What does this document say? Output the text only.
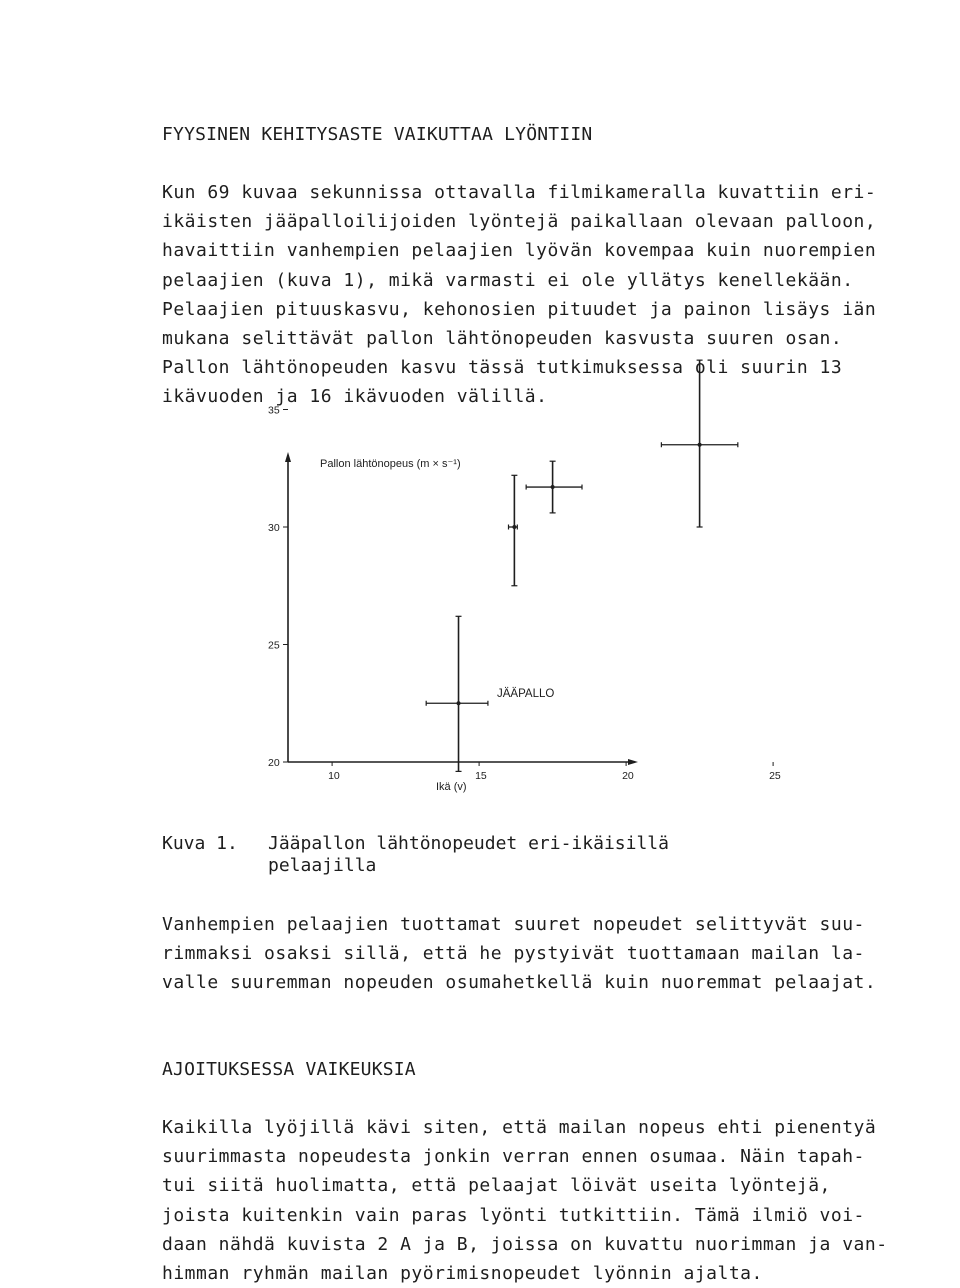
FYYSINEN KEHITYSASTE VAIKUTTAA LYÖNTIIN
Kun 69 kuvaa sekunnissa ottavalla filmikameralla kuvattiin eri-
ikäisten jääpalloilijoiden lyöntejä paikallaan olevaan palloon,
havaittiin vanhempien pelaajien lyövän kovempaa kuin nuorempien
pelaajien (kuva 1), mikä varmasti ei ole yllätys kenellekään.
Pelaajien pituuskasvu, kehonosien pituudet ja painon lisäys iän
mukana selittävät pallon lähtönopeuden kasvusta suuren osan.
Pallon lähtönopeuden kasvu tässä tutkimuksessa oli suurin 13
ikävuoden ja 16 ikävuoden välillä.
Pallon lähtönopeus (m × s⁻¹)
Ikä (v)
JÄÄPALLO
10	15	20	25
20
25
30
35
Kuva 1. Jääpallon lähtönopeudet eri-ikäisillä
pelaajilla
Vanhempien pelaajien tuottamat suuret nopeudet selittyvät suu-
rimmaksi osaksi sillä, että he pystyivät tuottamaan mailan la-
valle suuremman nopeuden osumahetkellä kuin nuoremmat pelaajat.
AJOITUKSESSA VAIKEUKSIA
Kaikilla lyöjillä kävi siten, että mailan nopeus ehti pienentyä
suurimmasta nopeudesta jonkin verran ennen osumaa. Näin tapah-
tui siitä huolimatta, että pelaajat löivät useita lyöntejä,
joista kuitenkin vain paras lyönti tutkittiin. Tämä ilmiö voi-
daan nähdä kuvista 2 A ja B, joissa on kuvattu nuorimman ja van-
himman ryhmän mailan pyörimisnopeudet lyönnin ajalta.
